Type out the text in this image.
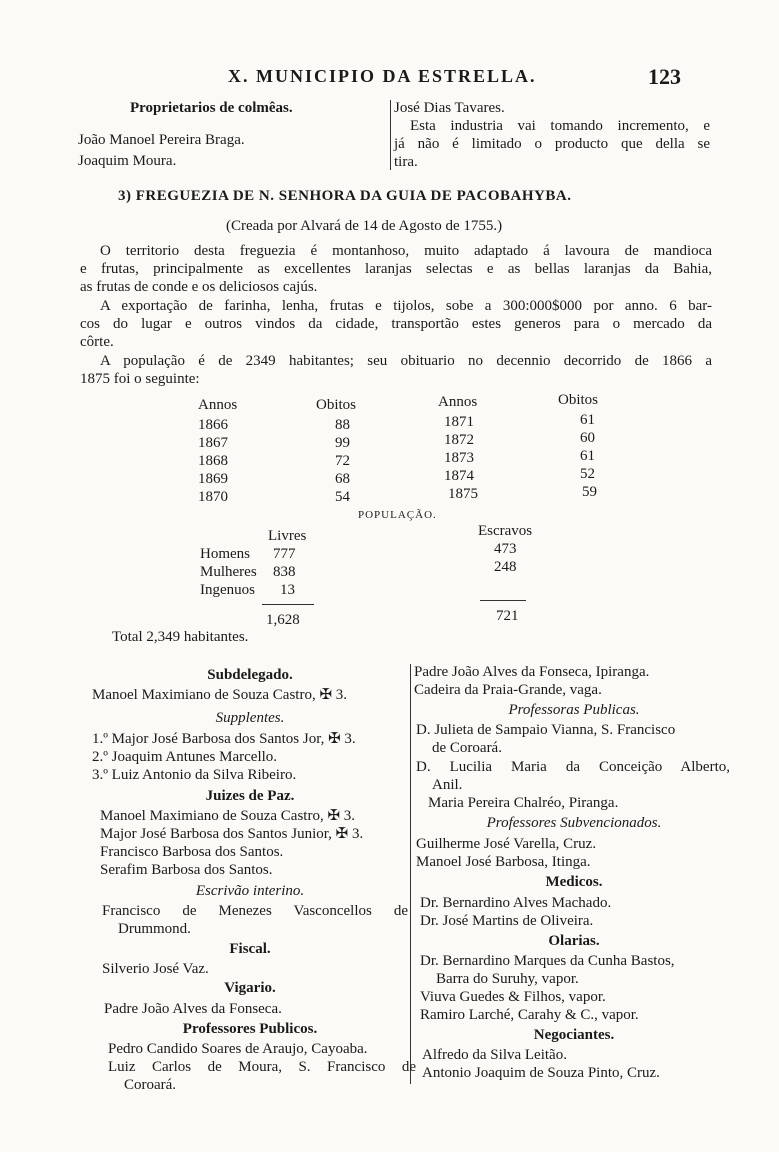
X. MUNICIPIO DA ESTRELLA.	123
Proprietarios de colmêas.
João Manoel Pereira Braga.
Joaquim Moura.
José Dias Tavares.
Esta industria vai tomando incremento, e
já não é limitado o producto que della se
tira.
3) FREGUEZIA DE N. SENHORA DA GUIA DE PACOBAHYBA.
(Creada por Alvará de 14 de Agosto de 1755.)
O territorio desta freguezia é montanhoso, muito adaptado á lavoura de mandioca
e frutas, principalmente as excellentes laranjas selectas e as bellas laranjas da Bahia,
as frutas de conde e os deliciosos cajús.
A exportação de farinha, lenha, frutas e tijolos, sobe a 300:000$000 por anno. 6 bar-
cos do lugar e outros vindos da cidade, transportão estes generos para o mercado da
côrte.
A população é de 2349 habitantes; seu obituario no decennio decorrido de 1866 a
1875 foi o seguinte:
Annos	Obitos	Annos	Obitos
1866	88
1867	99
1868	72
1869	68
1870	54
1871	61
1872	60
1873	61
1874	52
1875	59
POPULAÇÃO.
Livres	Escravos
Homens 777	473
Mulheres 838	248
Ingenuos 13
1,628	721
Total 2,349 habitantes.
Subdelegado.
Manoel Maximiano de Souza Castro, ✠ 3.
Supplentes.
1.º Major José Barbosa dos Santos Jor, ✠ 3.
2.º Joaquim Antunes Marcello.
3.º Luiz Antonio da Silva Ribeiro.
Juizes de Paz.
Manoel Maximiano de Souza Castro, ✠ 3.
Major José Barbosa dos Santos Junior, ✠ 3.
Francisco Barbosa dos Santos.
Serafim Barbosa dos Santos.
Escrivão interino.
Francisco de Menezes Vasconcellos de
Drummond.
Fiscal.
Silverio José Vaz.
Vigario.
Padre João Alves da Fonseca.
Professores Publicos.
Pedro Candido Soares de Araujo, Cayoaba.
Luiz Carlos de Moura, S. Francisco de
Coroará.
Padre João Alves da Fonseca, Ipiranga.
Cadeira da Praia-Grande, vaga.
Professoras Publicas.
D. Julieta de Sampaio Vianna, S. Francisco
de Coroará.
D. Lucilia Maria da Conceição Alberto,
Anil.
Maria Pereira Chalréo, Piranga.
Professores Subvencionados.
Guilherme José Varella, Cruz.
Manoel José Barbosa, Itinga.
Medicos.
Dr. Bernardino Alves Machado.
Dr. José Martins de Oliveira.
Olarias.
Dr. Bernardino Marques da Cunha Bastos,
Barra do Suruhy, vapor.
Viuva Guedes & Filhos, vapor.
Ramiro Larché, Carahy & C., vapor.
Negociantes.
Alfredo da Silva Leitão.
Antonio Joaquim de Souza Pinto, Cruz.
